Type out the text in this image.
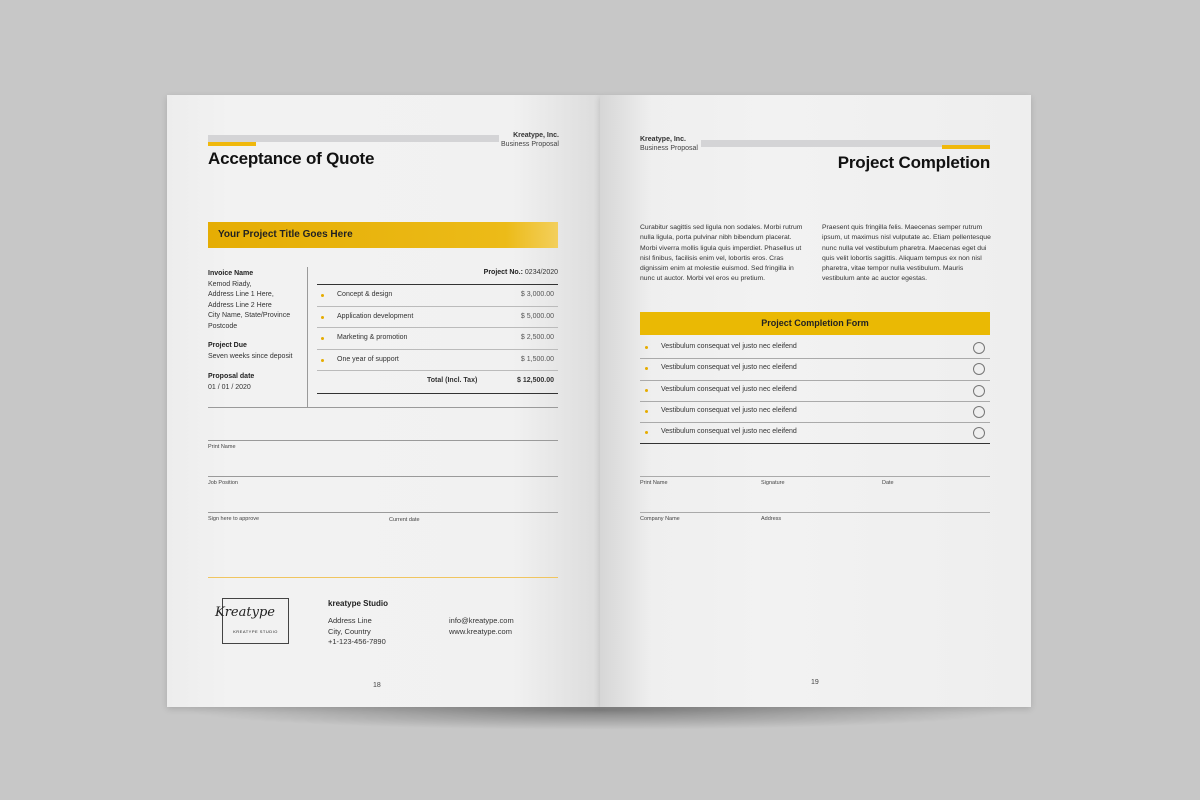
Kreatype, Inc.
Business Proposal
Acceptance of Quote
Your Project Title Goes Here
Invoice Name
Kemod Riady,
Address Line 1 Here,
Address Line 2 Here
City Name, State/Province
Postcode
Project Due
Seven weeks since deposit
Proposal date
01 / 01 / 2020
Project No.: 0234/2020
Concept & design	$ 3,000.00
Application development	$ 5,000.00
Marketing & promotion	$ 2,500.00
One year of support	$ 1,500.00
Total (Incl. Tax)	$ 12,500.00
Print Name
Job Position
Sign here to approve	Current date
Kreatype
KREATYPE STUDIO
kreatype Studio
Address Line
City, Country
+1-123-456-7890
info@kreatype.com
www.kreatype.com
18
Kreatype, Inc.
Business Proposal
Project Completion
Curabitur sagittis sed ligula non sodales. Morbi rutrum nulla ligula, porta pulvinar nibh bibendum placerat. Morbi viverra mollis ligula quis imperdiet. Phasellus ut nisl finibus, facilisis enim vel, lobortis eros. Cras dignissim enim at molestie euismod. Sed fringilla in nunc ut auctor. Morbi vel eros eu pretium.
Praesent quis fringilla felis. Maecenas semper rutrum ipsum, ut maximus nisl vulputate ac. Etiam pellentesque nunc nulla vel vestibulum pharetra. Maecenas eget dui quis velit lobortis sagittis. Aliquam tempus ex non nisl pharetra, vitae tempor nulla vestibulum. Mauris vestibulum ante ac auctor egestas.
Project Completion Form
Vestibulum consequat vel justo nec eleifend
Vestibulum consequat vel justo nec eleifend
Vestibulum consequat vel justo nec eleifend
Vestibulum consequat vel justo nec eleifend
Vestibulum consequat vel justo nec eleifend
Print Name	Signature	Date
Company Name	Address
19
